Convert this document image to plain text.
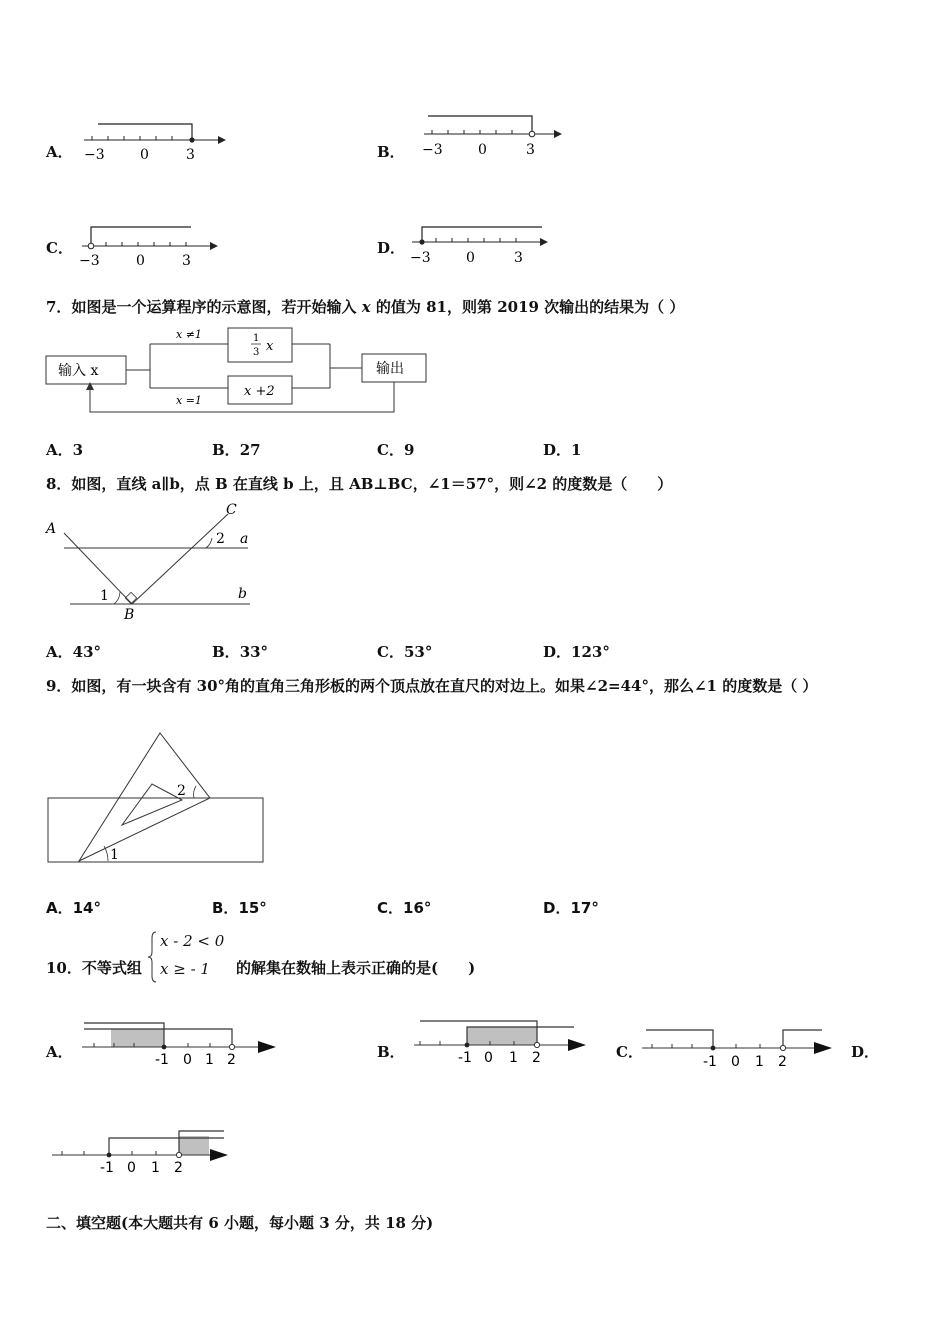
A． −3	0	3	B． −3	0	3
C．
−3	0	3
D．
−3	0	3
7．如图是一个运算程序的示意图，若开始输入 x 的值为 81，则第 2019 次输出的结果为（ ）
输入 x
x ≠1	1
3 x
x +2
x =1
输出
A．3	B．27	C．9	D．1
8．如图，直线 a∥b，点 B 在直线 b 上，且 AB⊥BC，∠1＝57°，则∠2 的度数是（　　）
A
C
B
a
b
1
2
A．43°	B．33°	C．53°	D．123°
9．如图，有一块含有 30°角的直角三角形板的两个顶点放在直尺的对边上。如果∠2=44°，那么∠1 的度数是（ ）
1
2
A．14°	B．15°	C．16°	D．17°
10．不等式组
x - 2 < 0
x ≥ - 1 的解集在数轴上表示正确的是(　　)
A．	-1 0 1 2	B．	-1 0 1 2	C．
-1 0 1 2
D．
-1 0 1 2
二、填空题(本大题共有 6 小题，每小题 3 分，共 18 分)
